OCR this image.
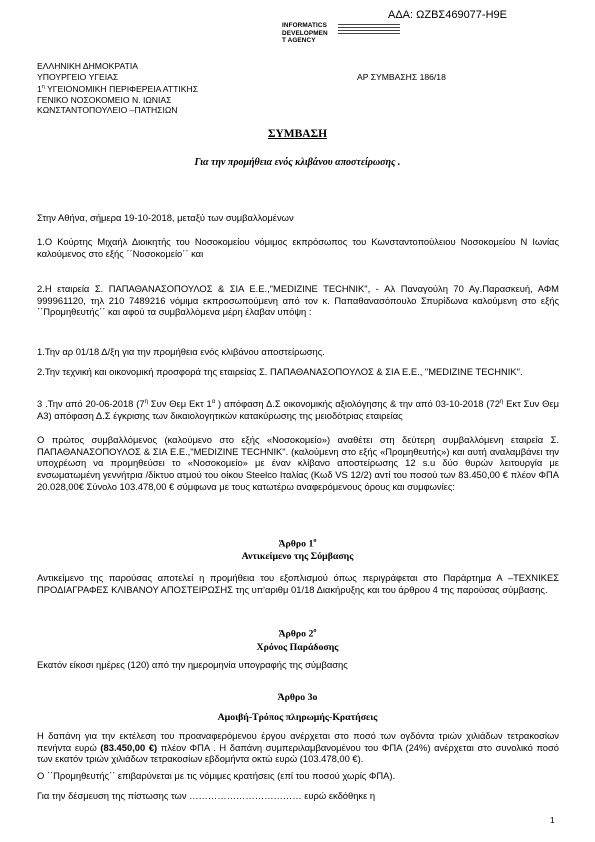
ΑΔΑ: ΩΖΒΣ469077-Η9Ε
INFORMATICS
DEVELOPMEN
T AGENCY
ΕΛΛΗΝΙΚΗ ΔΗΜΟΚΡΑΤΙΑ
ΥΠΟΥΡΓΕΙΟ ΥΓΕΙΑΣ
$1^\eta$ ΥΓΕΙΟΝΟΜΙΚΗ ΠΕΡΙΦΕΡΕΙΑ ΑΤΤΙΚΗΣ
ΓΕΝΙΚΟ ΝΟΣΟΚΟΜΕΙΟ Ν. ΙΩΝΙΑΣ
ΚΩΝΣΤΑΝΤΟΠΟΥΛΕΙΟ –ΠΑΤΗΣΙΩΝ
ΑΡ ΣΥΜΒΑΣΗΣ 186/18
ΣΥΜΒΑΣΗ
Για την προμήθεια ενός κλιβάνου αποστείρωσης .
Στην Αθήνα, σήμερα 19-10-2018, μεταξύ των συμβαλλομένων
1.Ο Κούρτης Μιχαήλ Διοικητής του Νοσοκομείου νόμιμος εκπρόσωπος του Κωνσταντοπούλειου Νοσοκομείου Ν Ιωνίας καλούμενος στο εξής ΄΄Νοσοκομείο΄΄ και
2.Η εταιρεία Σ. ΠΑΠΑΘΑΝΑΣΟΠΟΥΛΟΣ & ΣΙΑ Ε.Ε.,"MEDIZINE TECHNIK", - Αλ Παναγούλη 70 Αγ.Παρασκευή, ΑΦΜ 999961120, τηλ 210 7489216 νόμιμα εκπροσωπούμενη από τον κ. Παπαθανασόπουλο Σπυρίδωνα καλούμενη στο εξής ΄΄Προμηθευτής΄΄ και αφού τα συμβαλλόμενα μέρη έλαβαν υπόψη :
1.Την αρ 01/18 Δ/ξη για την προμήθεια ενός κλιβάνου αποστείρωσης.
2.Την τεχνική και οικονομική προσφορά της εταιρείας Σ. ΠΑΠΑΘΑΝΑΣΟΠΟΥΛΟΣ & ΣΙΑ Ε.Ε., "MEDIZINE TECHNIK".
3 .Την από 20-06-2018 ($7^\eta$ Συν Θεμ Εκτ $1^\alpha$ ) απόφαση Δ.Σ οικονομικής αξιολόγησης & την από 03-10-2018 ($72^\eta$ Εκτ Συν Θεμ Α3) απόφαση Δ.Σ έγκρισης των δικαιολογητικών κατακύρωσης της μειοδότριας εταιρείας
Ο πρώτος συμβαλλόμενος (καλούμενο στο εξής «Νοσοκομείο») αναθέτει στη δεύτερη συμβαλλόμενη εταιρεία Σ. ΠΑΠΑΘΑΝΑΣΟΠΟΥΛΟΣ & ΣΙΑ Ε.Ε.,"MEDIZINE TECHNIK". (καλούμενη στο εξής «Προμηθευτής») και αυτή αναλαμβάνει την υποχρέωση να προμηθεύσει το «Νοσοκομείο» με έναν κλίβανο αποστείρωσης 12 s.u δύο θυρών λειτουργία με ενσωματωμένη γεννήτρια /δίκτυο ατμού του οίκου Steelco Ιταλίας (Κωδ VS 12/2) αντί του ποσού των 83.450,00 € πλέον ΦΠΑ 20.028,00€ Σύνολο 103.478,00 € σύμφωνα με τους κατωτέρω αναφερόμενους όρους και συμφωνίες:
Άρθρο $1^o$
Αντικείμενο της Σύμβασης
Αντικείμενο της παρούσας αποτελεί η προμήθεια του εξοπλισμού όπως περιγράφεται στο Παράρτημα Α –ΤΕΧΝΙΚΕΣ ΠΡΟΔΙΑΓΡΑΦΕΣ ΚΛΙΒΑΝΟΥ ΑΠΟΣΤΕΙΡΩΣΗΣ της υπ'αριθμ 01/18 Διακήρυξης και του άρθρου 4 της παρούσας σύμβασης.
Άρθρο $2^o$
Χρόνος Παράδοσης
Εκατόν είκοσι ημέρες (120) από την ημερομηνία υπογραφής της σύμβασης
Άρθρο 3ο
Αμοιβή-Τρόπος πληρωμής-Κρατήσεις
Η δαπάνη για την εκτέλεση του προαναφερόμενου έργου ανέρχεται στο ποσό των ογδόντα τριών χιλιάδων τετρακοσίων πενήντα ευρώ (83.450,00 €) πλέον ΦΠΑ . Η δαπάνη συμπεριλαμβανομένου του ΦΠΑ (24%) ανέρχεται στο συνολικό ποσό των εκατόν τριών χιλιάδων τετρακοσίων εβδομήντα οκτώ ευρώ (103.478,00 €).
Ο ΄΄Προμηθευτής΄΄ επιβαρύνεται με τις νόμιμες κρατήσεις (επί του ποσού χωρίς ΦΠΑ).
Για την δέσμευση της πίστωσης των ……………………………… ευρώ εκδόθηκε η
1
